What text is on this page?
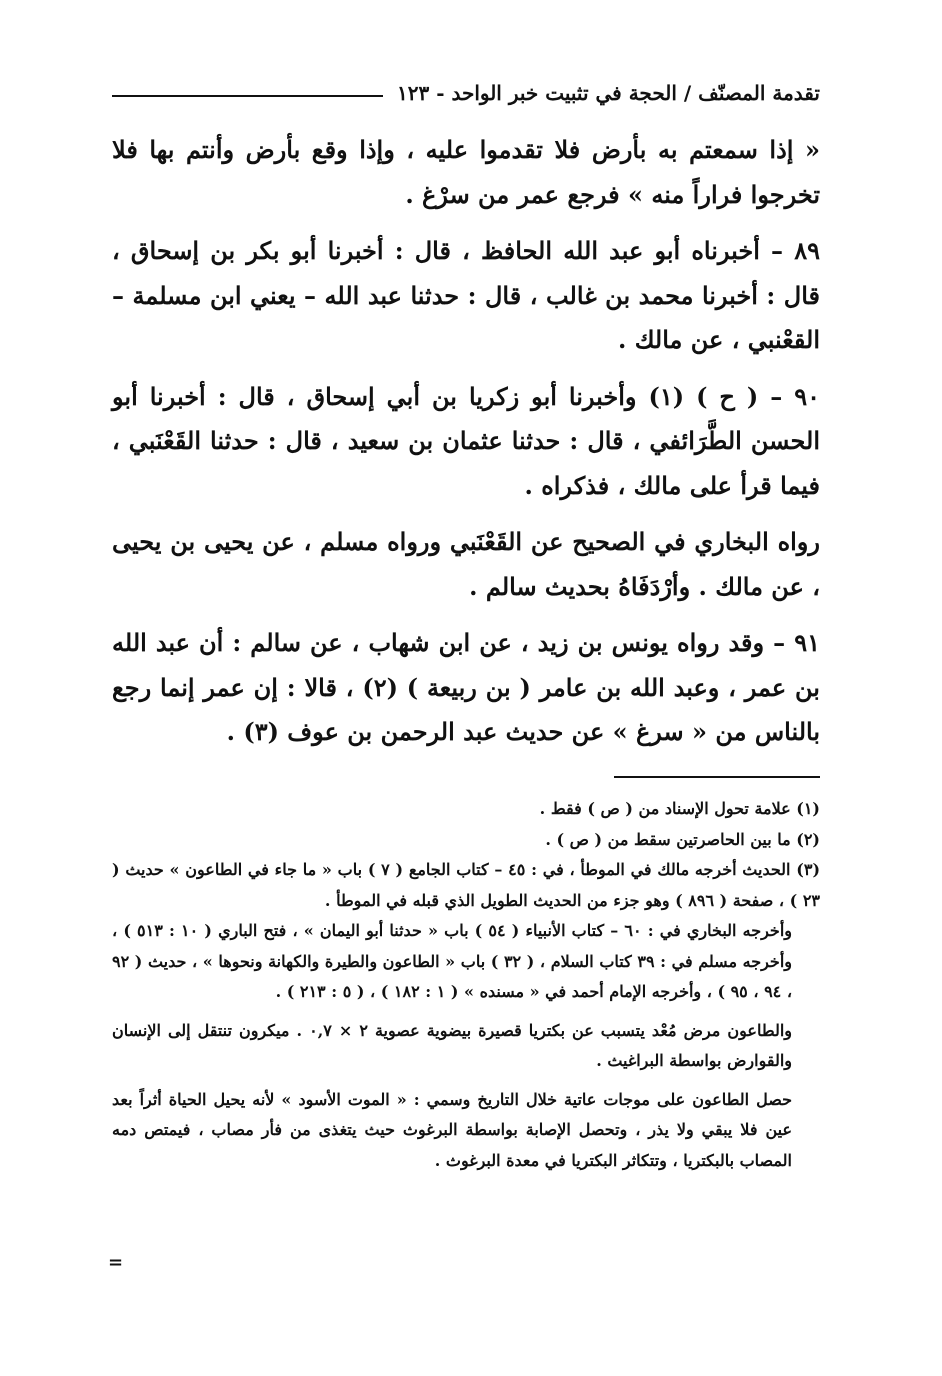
تقدمة المصنّف / الحجة في تثبيت خبر الواحد - ١٢٣

« إذا سمعتم به بأرض فلا تقدموا عليه ، وإذا وقع بأرض وأنتم بها فلا تخرجوا فراراً منه » فرجع عمر من سرْغ .

٨٩ – أخبرناه أبو عبد الله الحافظ ، قال : أخبرنا أبو بكر بن إسحاق ، قال : أخبرنا محمد بن غالب ، قال : حدثنا عبد الله – يعني ابن مسلمة – القعْنبي ، عن مالك .

٩٠ – ( ح ) (١) وأخبرنا أبو زكريا بن أبي إسحاق ، قال : أخبرنا أبو الحسن الطَّرَائفي ، قال : حدثنا عثمان بن سعيد ، قال : حدثنا القَعْنَبي ، فيما قرأ على مالك ، فذكراه .

رواه البخاري في الصحيح عن القَعْنَبي ورواه مسلم ، عن يحيى بن يحيى ، عن مالك . وأرْدَفَاهُ بحديث سالم .

٩١ – وقد رواه يونس بن زيد ، عن ابن شهاب ، عن سالم : أن عبد الله بن عمر ، وعبد الله بن عامر ( بن ربيعة ) (٢) ، قالا : إن عمر إنما رجع بالناس من « سرغ » عن حديث عبد الرحمن بن عوف (٣) .

(١) علامة تحول الإسناد من ( ص ) فقط .

(٢) ما بين الحاصرتين سقط من ( ص ) .

(٣) الحديث أخرجه مالك في الموطأ ، في : ٤٥ – كتاب الجامع ( ٧ ) باب « ما جاء في الطاعون » حديث ( ٢٣ ) ، صفحة ( ٨٩٦ ) وهو جزء من الحديث الطويل الذي قبله في الموطأ .

وأخرجه البخاري في : ٦٠ – كتاب الأنبياء ( ٥٤ ) باب « حدثنا أبو اليمان » ، فتح الباري ( ١٠ : ٥١٣ ) ، وأخرجه مسلم في : ٣٩ كتاب السلام ، ( ٣٢ ) باب « الطاعون والطيرة والكهانة ونحوها » ، حديث ( ٩٢ ، ٩٤ ، ٩٥ ) ، وأخرجه الإمام أحمد في « مسنده » ( ١ : ١٨٢ ) ، ( ٥ : ٢١٣ ) .

والطاعون مرض مُعْد يتسبب عن بكتريا قصيرة بيضوية عصوية ٢ × ٠,٧ . ميكرون تنتقل إلى الإنسان والقوارض بواسطة البراغيث .

حصل الطاعون على موجات عاتية خلال التاريخ وسمي : « الموت الأسود » لأنه يحيل الحياة أثراً بعد عين فلا يبقي ولا يذر ، وتحصل الإصابة بواسطة البرغوث حيث يتغذى من فأر مصاب ، فيمتص دمه المصاب بالبكتريا ، وتتكاثر البكتريا في معدة البرغوث .

=
